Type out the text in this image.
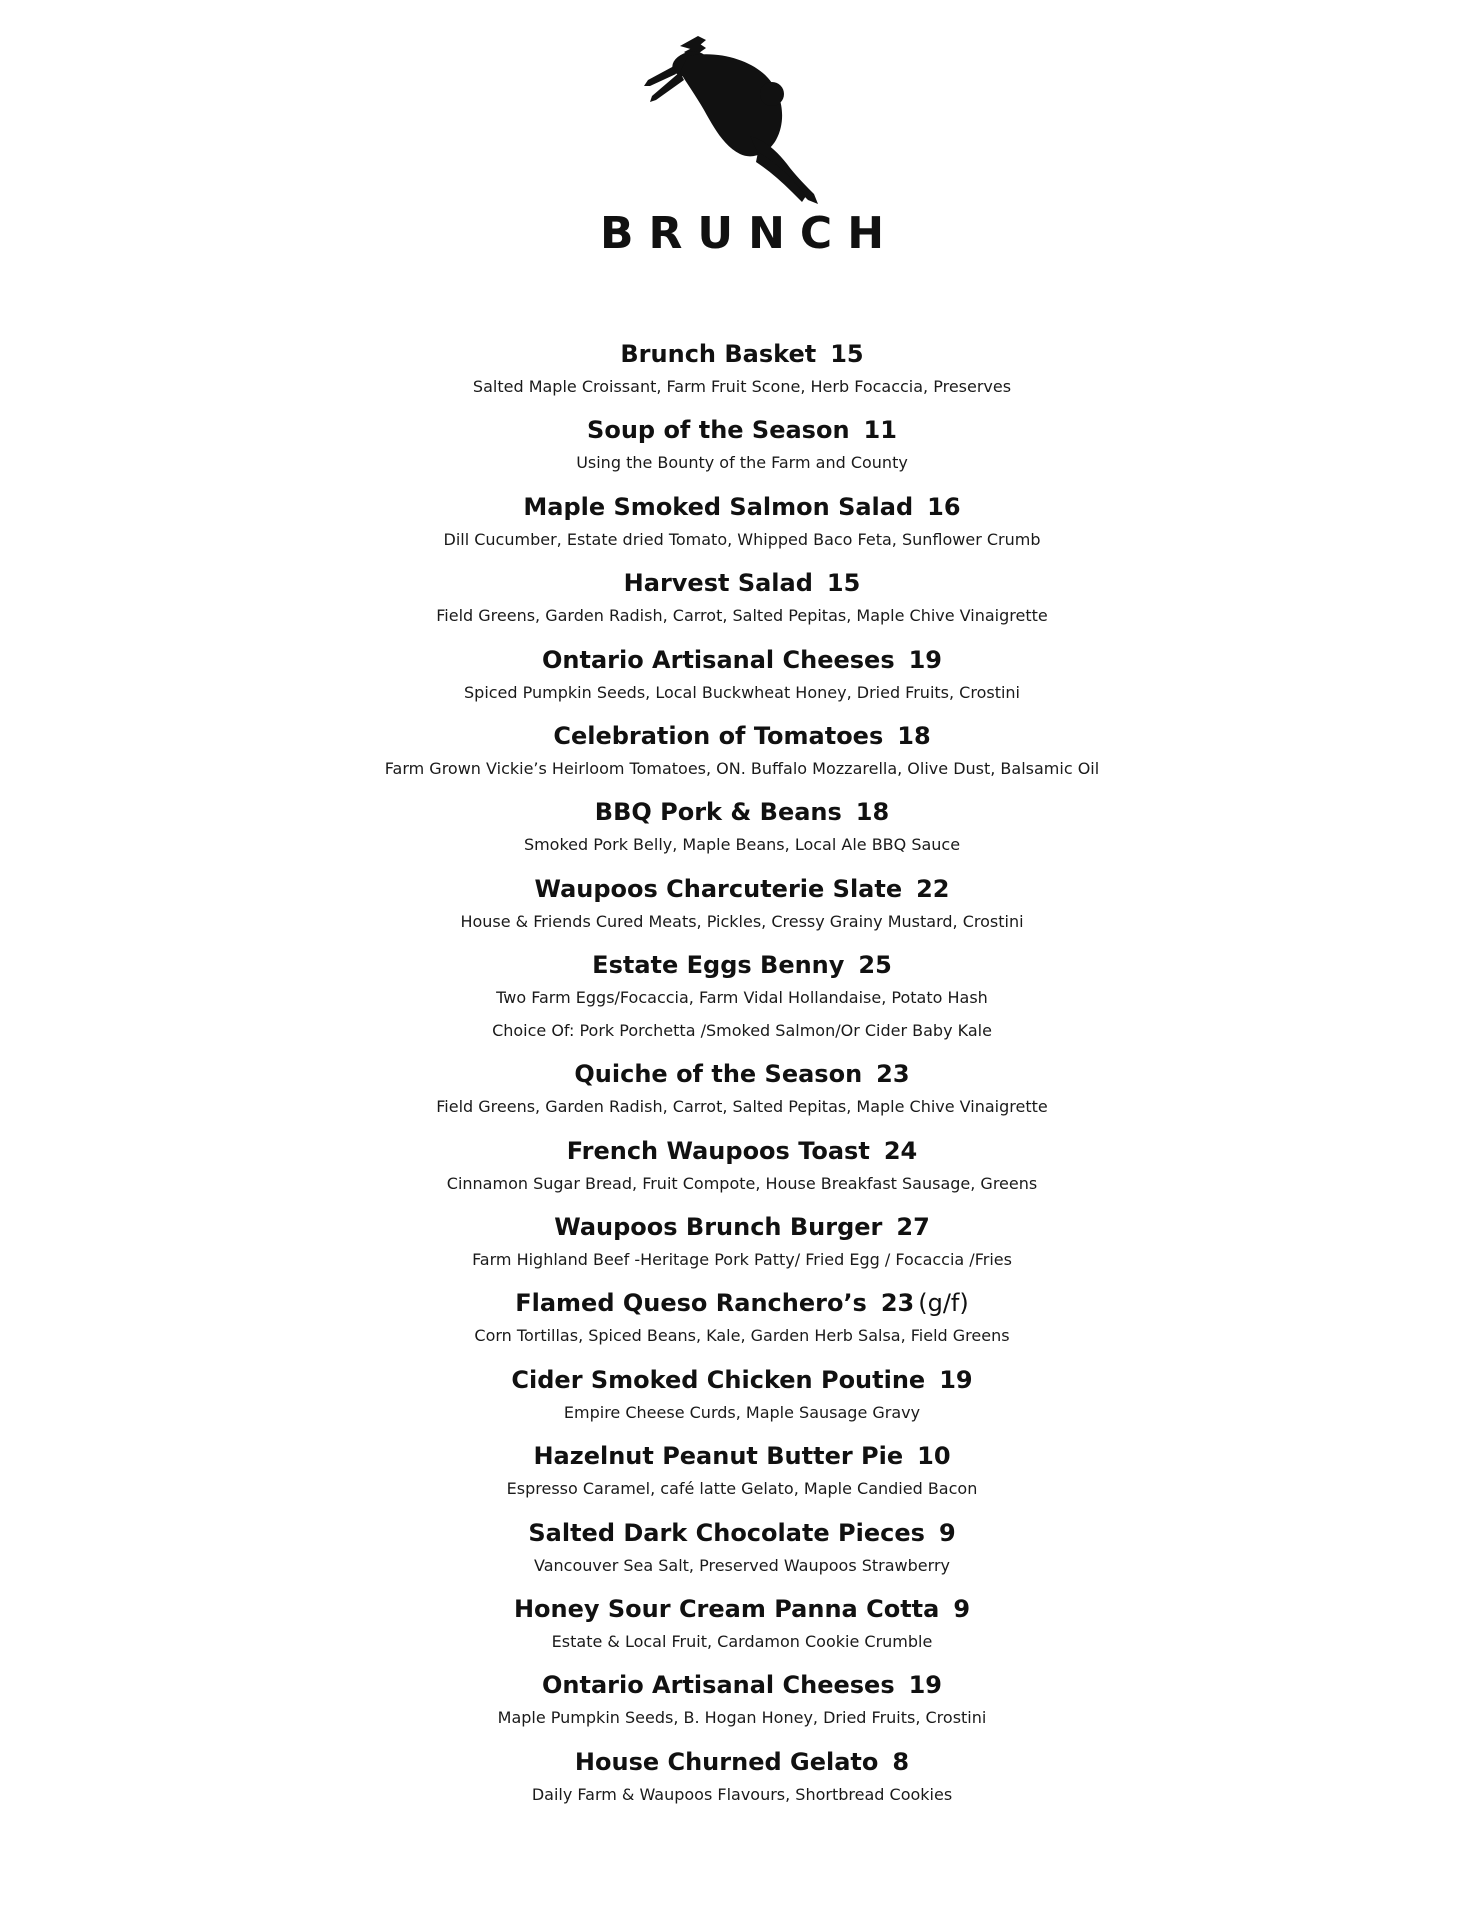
BRUNCH
Brunch Basket 15
Salted Maple Croissant, Farm Fruit Scone, Herb Focaccia, Preserves
Soup of the Season 11
Using the Bounty of the Farm and County
Maple Smoked Salmon Salad 16
Dill Cucumber, Estate dried Tomato, Whipped Baco Feta, Sunflower Crumb
Harvest Salad 15
Field Greens, Garden Radish, Carrot, Salted Pepitas, Maple Chive Vinaigrette
Ontario Artisanal Cheeses 19
Spiced Pumpkin Seeds, Local Buckwheat Honey, Dried Fruits, Crostini
Celebration of Tomatoes 18
Farm Grown Vickie’s Heirloom Tomatoes, ON. Buffalo Mozzarella, Olive Dust, Balsamic Oil
BBQ Pork & Beans 18
Smoked Pork Belly, Maple Beans, Local Ale BBQ Sauce
Waupoos Charcuterie Slate 22
House & Friends Cured Meats, Pickles, Cressy Grainy Mustard, Crostini
Estate Eggs Benny 25
Two Farm Eggs/Focaccia, Farm Vidal Hollandaise, Potato Hash
Choice Of: Pork Porchetta /Smoked Salmon/Or Cider Baby Kale
Quiche of the Season 23
Field Greens, Garden Radish, Carrot, Salted Pepitas, Maple Chive Vinaigrette
French Waupoos Toast 24
Cinnamon Sugar Bread, Fruit Compote, House Breakfast Sausage, Greens
Waupoos Brunch Burger 27
Farm Highland Beef -Heritage Pork Patty/ Fried Egg / Focaccia /Fries
Flamed Queso Ranchero’s 23 (g/f)
Corn Tortillas, Spiced Beans, Kale, Garden Herb Salsa, Field Greens
Cider Smoked Chicken Poutine 19
Empire Cheese Curds, Maple Sausage Gravy
Hazelnut Peanut Butter Pie 10
Espresso Caramel, café latte Gelato, Maple Candied Bacon
Salted Dark Chocolate Pieces 9
Vancouver Sea Salt, Preserved Waupoos Strawberry
Honey Sour Cream Panna Cotta 9
Estate & Local Fruit, Cardamon Cookie Crumble
Ontario Artisanal Cheeses 19
Maple Pumpkin Seeds, B. Hogan Honey, Dried Fruits, Crostini
House Churned Gelato 8
Daily Farm & Waupoos Flavours, Shortbread Cookies
